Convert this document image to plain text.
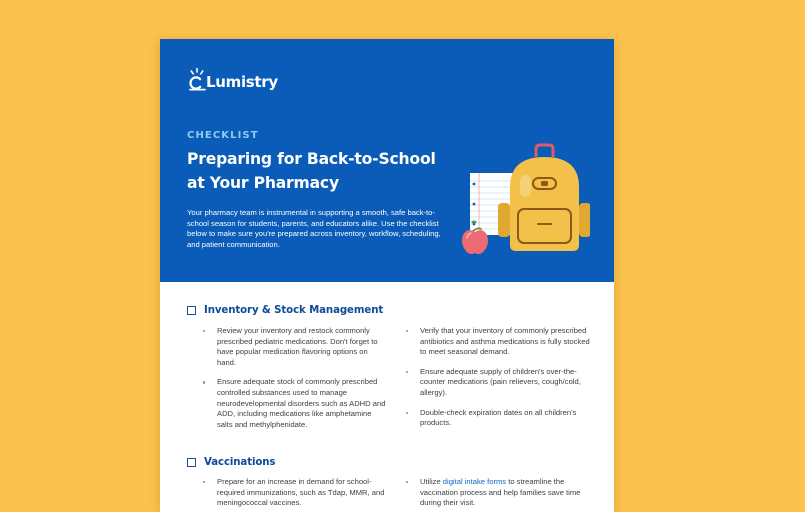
Lumistry
CHECKLIST
Preparing for Back-to-School
at Your Pharmacy

Your pharmacy team is instrumental in supporting a smooth, safe back-to-school season for students, parents, and educators alike. Use the checklist below to make sure you're prepared across inventory, workflow, scheduling, and patient communication.

Inventory & Stock Management
Review your inventory and restock commonly prescribed pediatric medications. Don't forget to have popular medication flavoring options on hand.
Ensure adequate stock of commonly prescribed controlled substances used to manage neurodevelopmental disorders such as ADHD and ADD, including medications like amphetamine salts and methylphenidate.
Verify that your inventory of commonly prescribed antibiotics and asthma medications is fully stocked to meet seasonal demand.
Ensure adequate supply of children's over-the-counter medications (pain relievers, cough/cold, allergy).
Double-check expiration dates on all children's products.
Vaccinations
Prepare for an increase in demand for school-required immunizations, such as Tdap, MMR, and meningococcal vaccines.
Utilize digital intake forms to streamline the vaccination process and help families save time during their visit.
